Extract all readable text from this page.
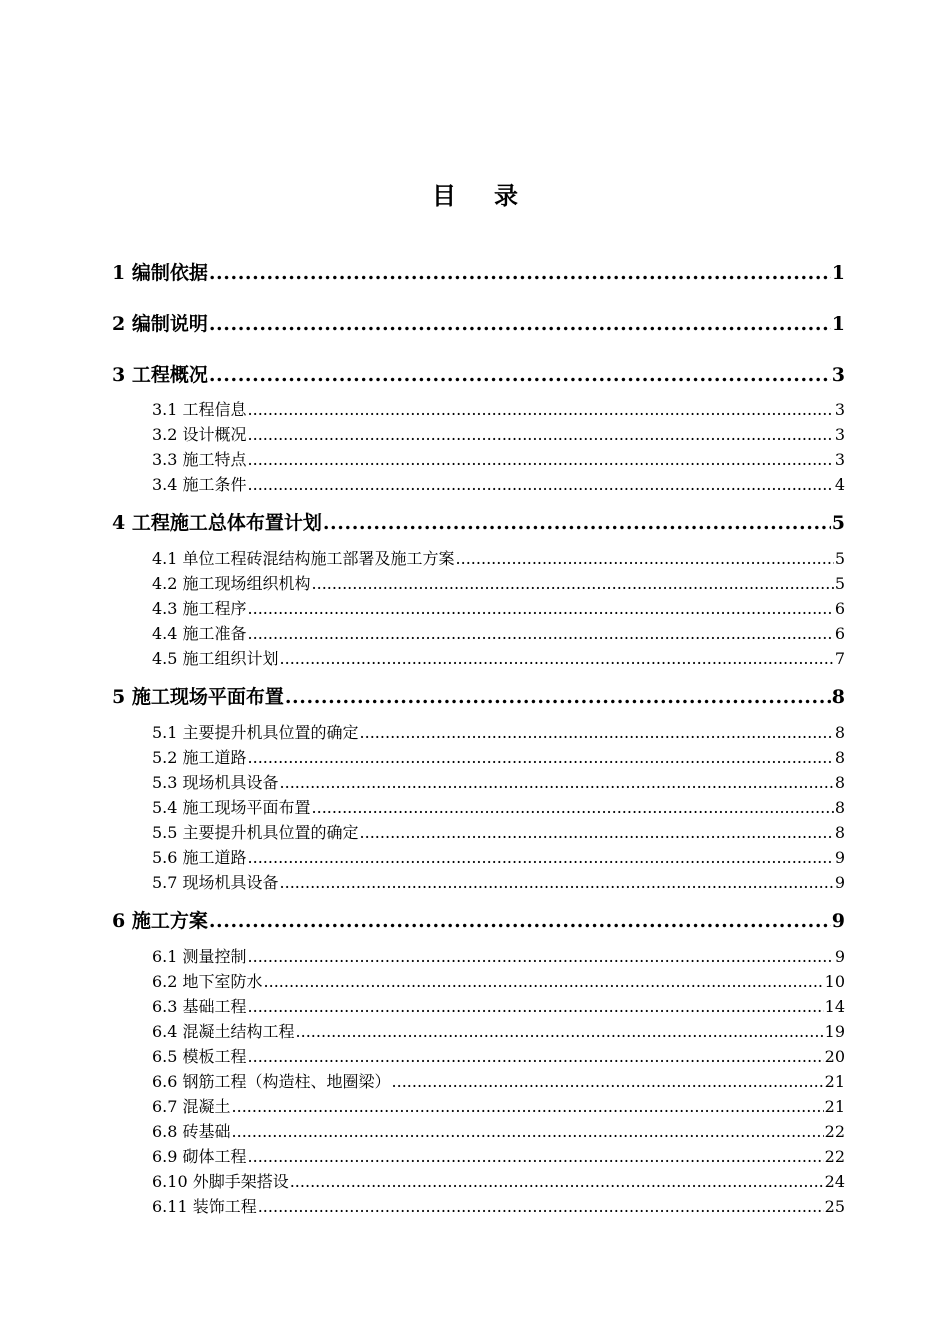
目 录
1 编制依据 .....	1
2 编制说明 .....	1
3 工程概况 .....	3
3.1 工程信息 .....	3
3.2 设计概况 .....	3
3.3 施工特点 .....	3
3.4 施工条件 .....	4
4 工程施工总体布置计划 .....	5
4.1 单位工程砖混结构施工部署及施工方案 .....	5
4.2 施工现场组织机构 .....	5
4.3 施工程序 .....	6
4.4 施工准备 .....	6
4.5 施工组织计划 .....	7
5 施工现场平面布置 .....	8
5.1 主要提升机具位置的确定 .....	8
5.2 施工道路 .....	8
5.3 现场机具设备 .....	8
5.4 施工现场平面布置 .....	8
5.5 主要提升机具位置的确定 .....	8
5.6 施工道路 .....	9
5.7 现场机具设备 .....	9
6 施工方案 .....	9
6.1 测量控制 .....	9
6.2 地下室防水 .....	10
6.3 基础工程 .....	14
6.4 混凝土结构工程 .....	19
6.5 模板工程 .....	20
6.6 钢筋工程（构造柱、地圈梁） .....	21
6.7 混凝土 .....	21
6.8 砖基础 .....	22
6.9 砌体工程 .....	22
6.10 外脚手架搭设 .....	24
6.11 装饰工程 .....	25
